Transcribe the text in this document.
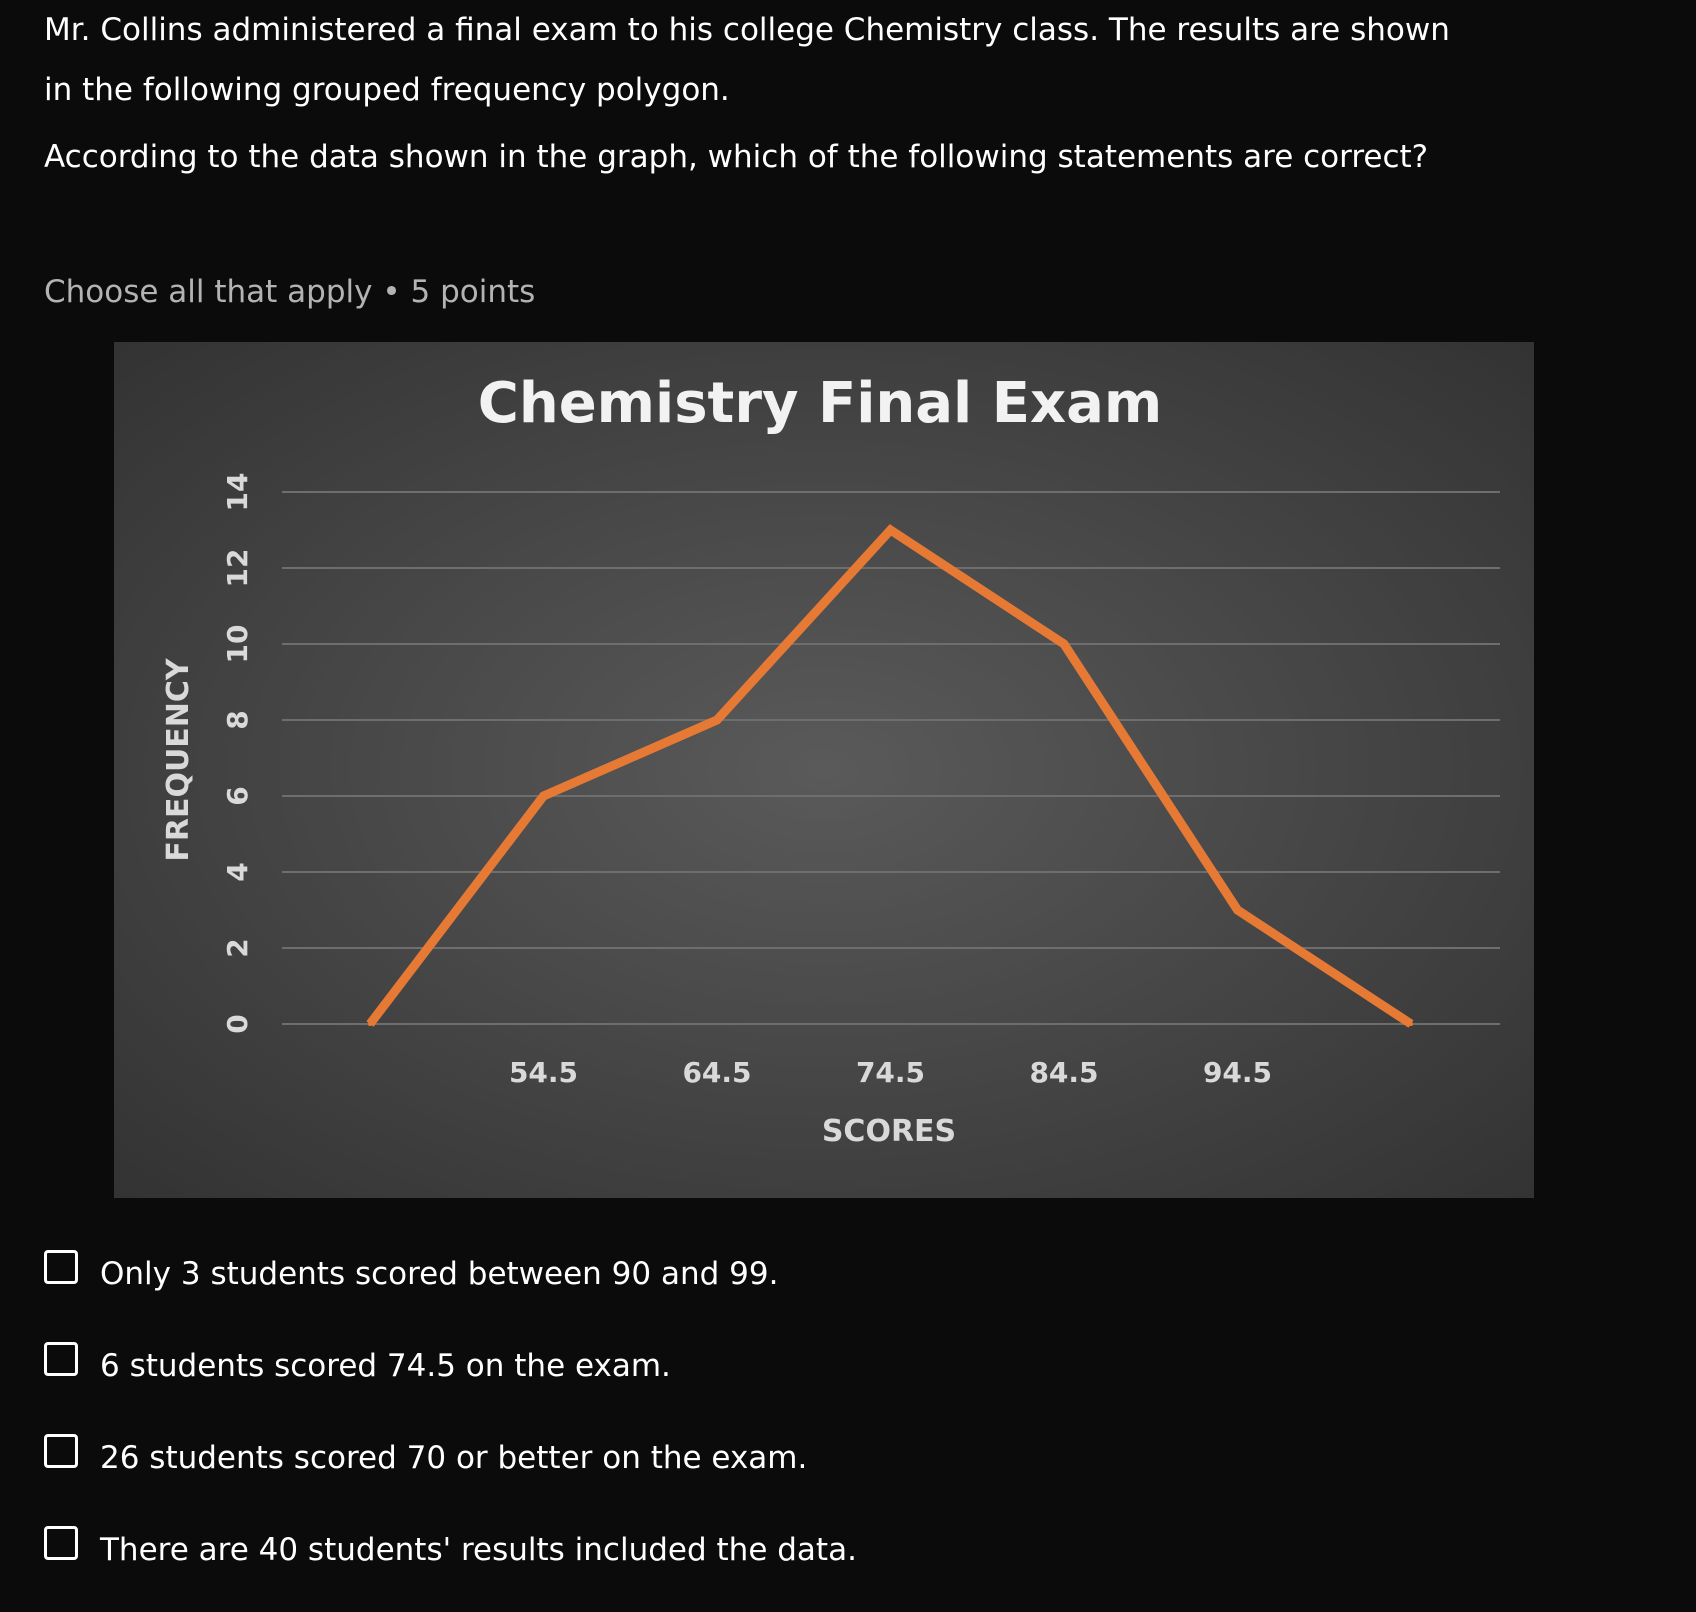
Mr. Collins administered a final exam to his college Chemistry class. The results are shown in the following grouped frequency polygon.

According to the data shown in the graph, which of the following statements are correct?

Choose all that apply • 5 points
Chemistry Final Exam
FREQUENCY
SCORES
0
2
4
6
8
10
12
14
54.5	64.5	74.5	84.5	94.5
Only 3 students scored between 90 and 99.
6 students scored 74.5 on the exam.
26 students scored 70 or better on the exam.
There are 40 students' results included the data.
